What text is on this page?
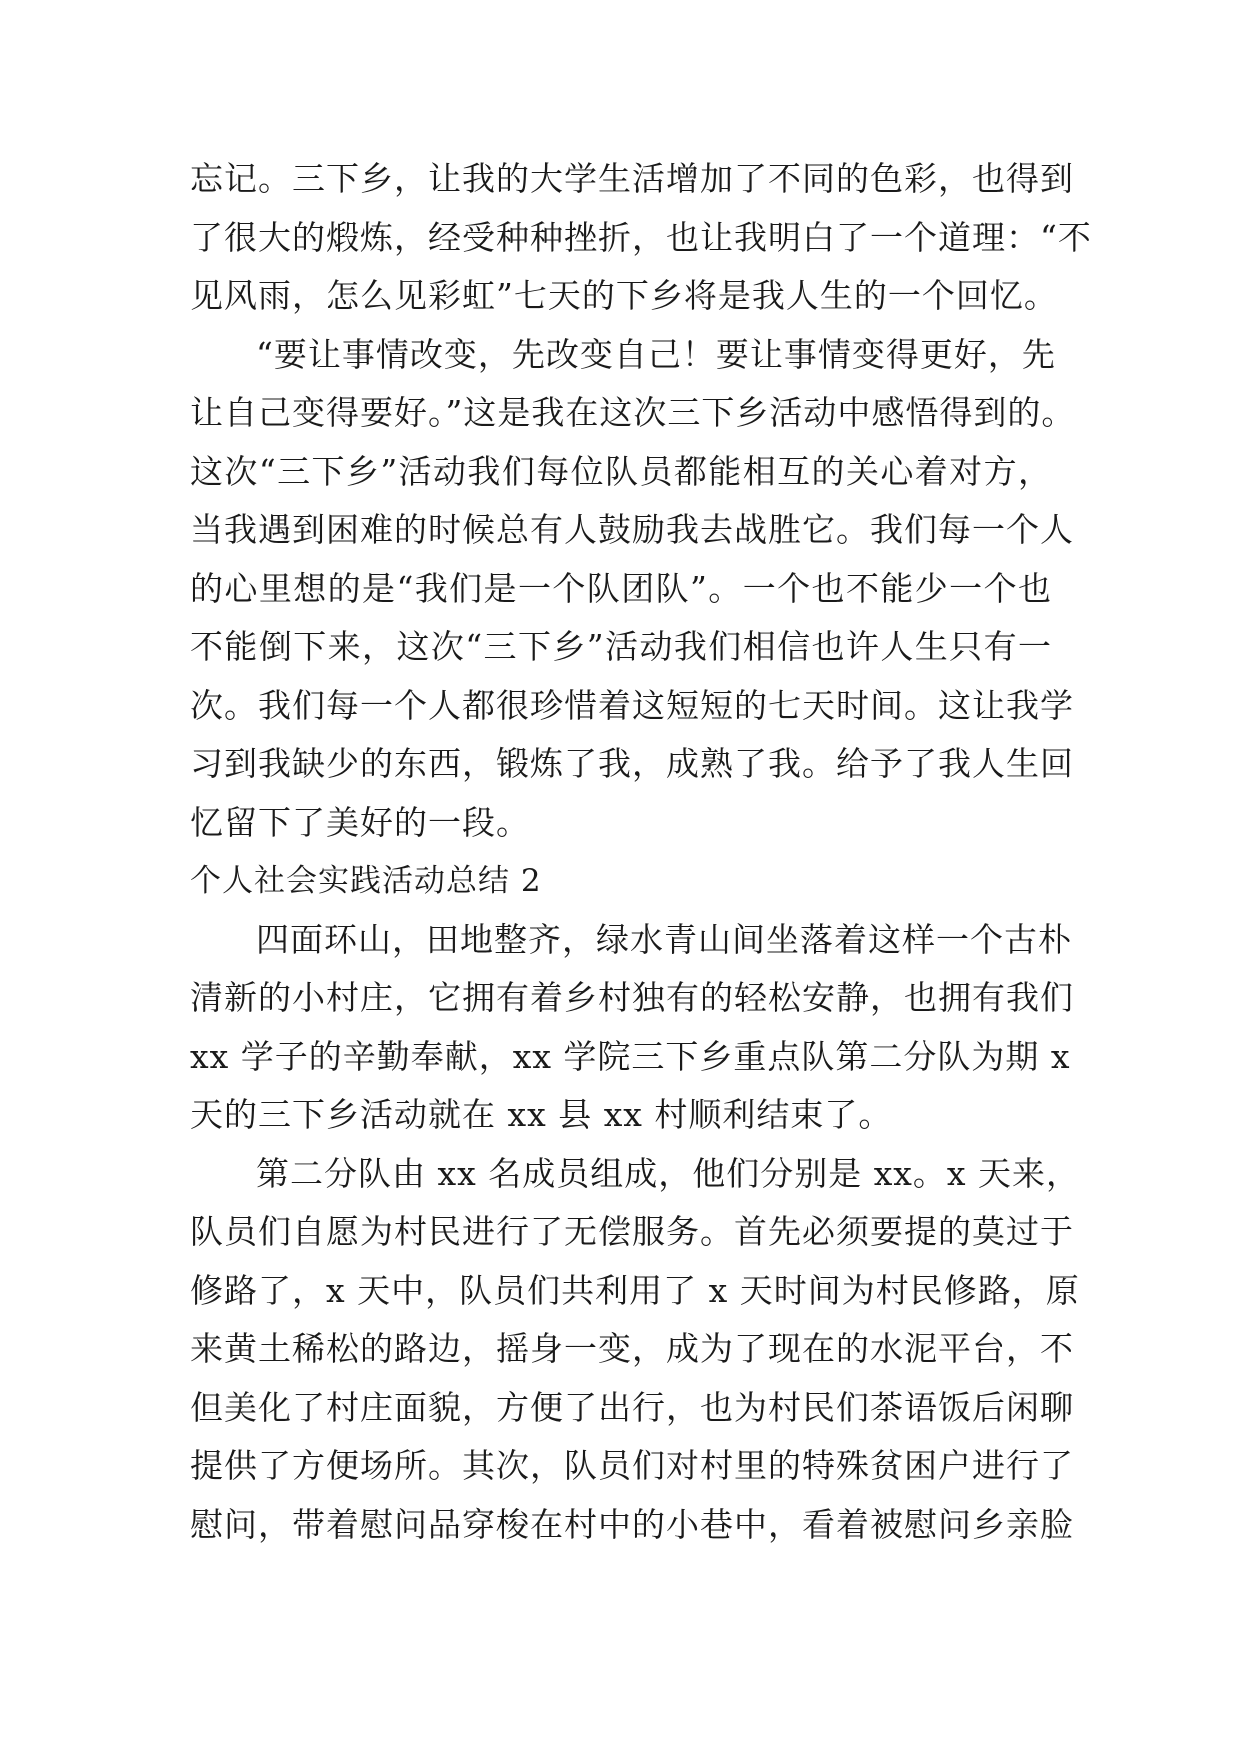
忘记。三下乡，让我的大学生活增加了不同的色彩，也得到
了很大的煅炼，经受种种挫折，也让我明白了一个道理：“不
见风雨，怎么见彩虹”七天的下乡将是我人生的一个回忆。
“要让事情改变，先改变自己！要让事情变得更好，先
让自己变得要好。”这是我在这次三下乡活动中感悟得到的。
这次“三下乡”活动我们每位队员都能相互的关心着对方，
当我遇到困难的时候总有人鼓励我去战胜它。我们每一个人
的心里想的是“我们是一个队团队”。一个也不能少一个也
不能倒下来，这次“三下乡”活动我们相信也许人生只有一
次。我们每一个人都很珍惜着这短短的七天时间。这让我学
习到我缺少的东西，锻炼了我，成熟了我。给予了我人生回
忆留下了美好的一段。
个人社会实践活动总结 2
四面环山，田地整齐，绿水青山间坐落着这样一个古朴
清新的小村庄，它拥有着乡村独有的轻松安静，也拥有我们
xx 学子的辛勤奉献，xx 学院三下乡重点队第二分队为期 x
天的三下乡活动就在 xx 县 xx 村顺利结束了。
第二分队由 xx 名成员组成，他们分别是 xx。x 天来，
队员们自愿为村民进行了无偿服务。首先必须要提的莫过于
修路了，x 天中，队员们共利用了 x 天时间为村民修路，原
来黄土稀松的路边，摇身一变，成为了现在的水泥平台，不
但美化了村庄面貌，方便了出行，也为村民们茶语饭后闲聊
提供了方便场所。其次，队员们对村里的特殊贫困户进行了
慰问，带着慰问品穿梭在村中的小巷中，看着被慰问乡亲脸
